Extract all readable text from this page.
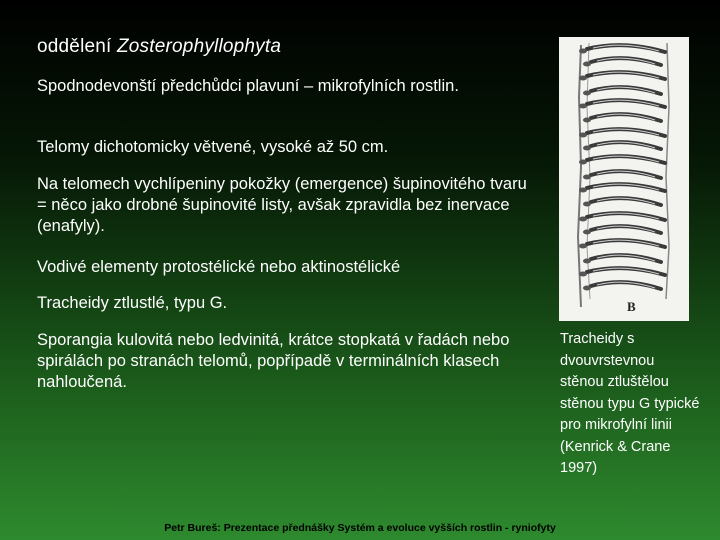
oddělení Zosterophyllophyta

Spodnodevonští předchůdci plavuní – mikrofylních rostlin.

Telomy dichotomicky větvené, vysoké až 50 cm.

Na telomech vychlípeniny pokožky (emergence) šupinovitého tvaru = něco jako drobné šupinovité listy, avšak zpravidla bez inervace (enafyly).

Vodivé elementy protostélické nebo aktinostélické

Tracheidy ztlustlé, typu G.

Sporangia kulovitá nebo ledvinitá, krátce stopkatá v řadách nebo spirálách po stranách telomů, popřípadě v terminálních klasech nahloučená.

B

Tracheidy s dvouvrstevnou stěnou ztluštělou stěnou typu G typické pro mikrofylní linii (Kenrick & Crane 1997)

Petr Bureš: Prezentace přednášky Systém a evoluce vyšších rostlin - ryniofyty
